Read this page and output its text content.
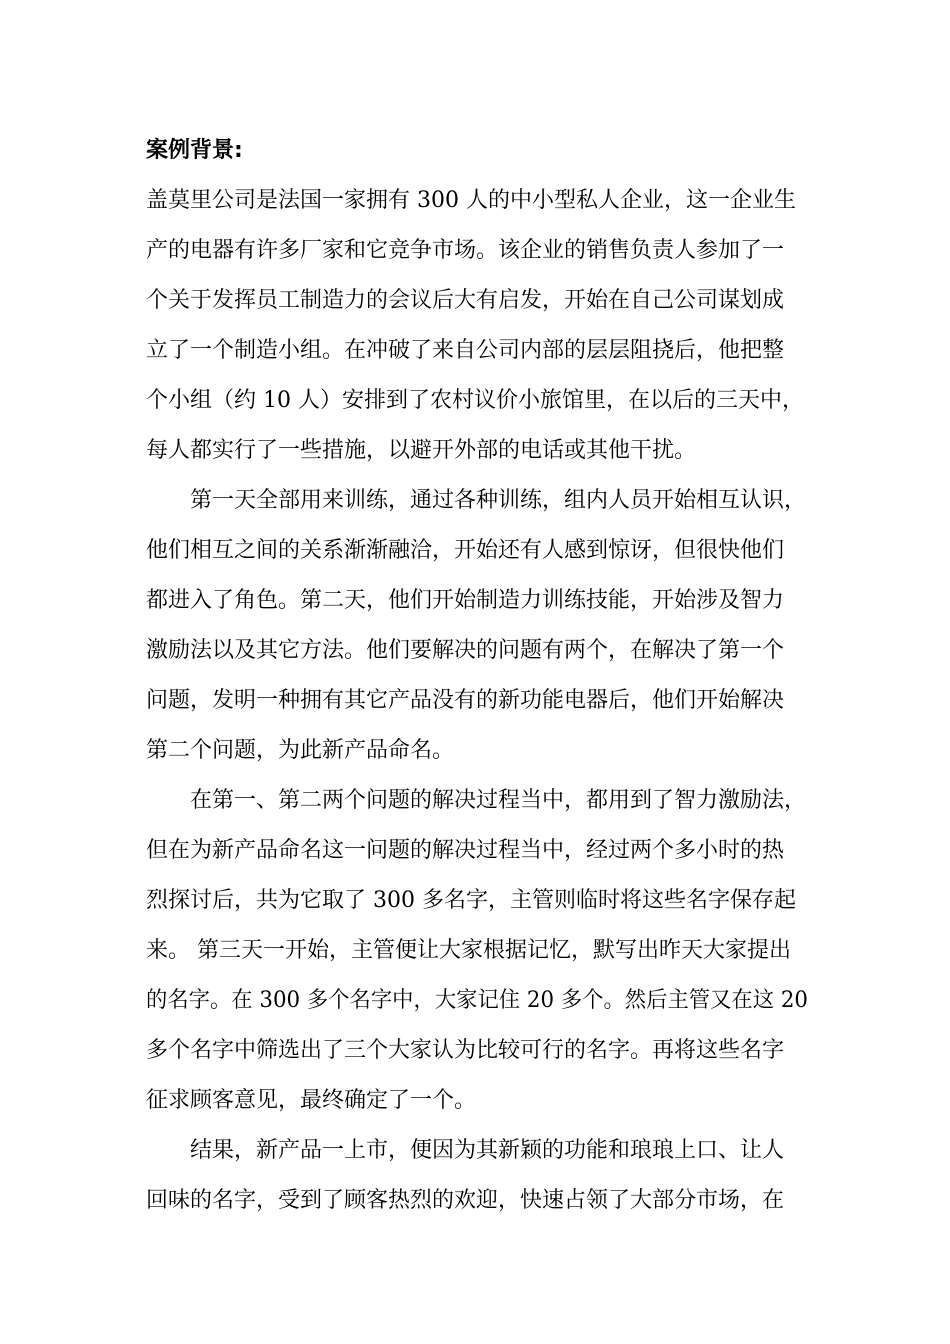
案例背景:
盖莫里公司是法国一家拥有 300 人的中小型私人企业，这一企业生
产的电器有许多厂家和它竞争市场。该企业的销售负责人参加了一
个关于发挥员工制造力的会议后大有启发，开始在自己公司谋划成
立了一个制造小组。在冲破了来自公司内部的层层阻挠后，他把整
个小组（约 10 人）安排到了农村议价小旅馆里，在以后的三天中，
每人都实行了一些措施，以避开外部的电话或其他干扰。
第一天全部用来训练，通过各种训练，组内人员开始相互认识，
他们相互之间的关系渐渐融洽，开始还有人感到惊讶，但很快他们
都进入了角色。第二天，他们开始制造力训练技能，开始涉及智力
激励法以及其它方法。他们要解决的问题有两个，在解决了第一个
问题，发明一种拥有其它产品没有的新功能电器后，他们开始解决
第二个问题，为此新产品命名。
在第一、第二两个问题的解决过程当中，都用到了智力激励法，
但在为新产品命名这一问题的解决过程当中，经过两个多小时的热
烈探讨后，共为它取了 300 多名字，主管则临时将这些名字保存起
来。 第三天一开始，主管便让大家根据记忆，默写出昨天大家提出
的名字。在 300 多个名字中，大家记住 20 多个。然后主管又在这 20
多个名字中筛选出了三个大家认为比较可行的名字。再将这些名字
征求顾客意见，最终确定了一个。
结果，新产品一上市，便因为其新颖的功能和琅琅上口、让人
回味的名字，受到了顾客热烈的欢迎，快速占领了大部分市场，在
